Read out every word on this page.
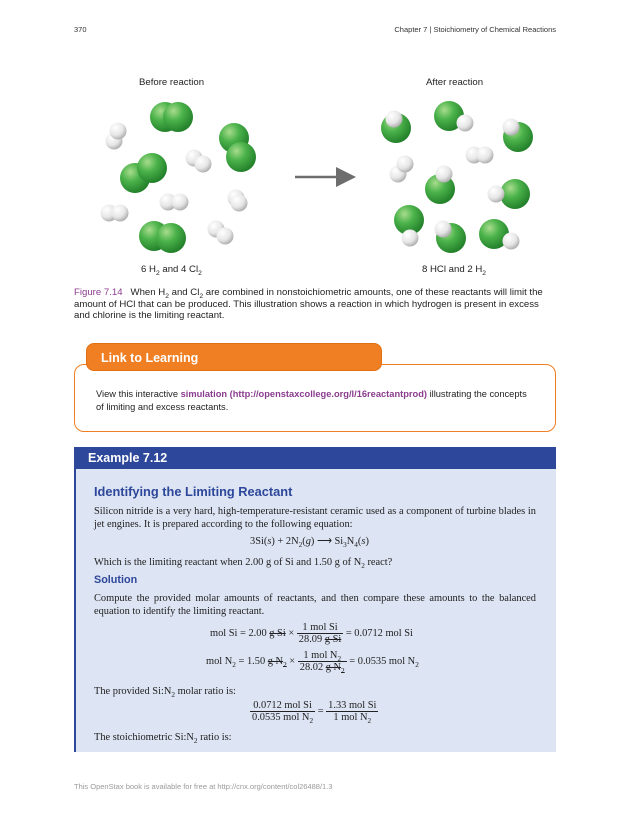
370	Chapter 7 | Stoichiometry of Chemical Reactions
Before reaction	After reaction
6 $H_2$ and 4 $Cl_2$	8 HCl and 2 $H_2$
Figure 7.14 When $H_2$ and $Cl_2$ are combined in nonstoichiometric amounts, one of these reactants will limit the amount of HCl that can be produced. This illustration shows a reaction in which hydrogen is present in excess and chlorine is the limiting reactant.
Link to Learning
View this interactive simulation (http://openstaxcollege.org/l/16reactantprod) illustrating the concepts of limiting and excess reactants.
Example 7.12
Identifying the Limiting Reactant
Silicon nitride is a very hard, high-temperature-resistant ceramic used as a component of turbine blades in jet engines. It is prepared according to the following equation:
$3Si(s) + 2N_2(g)$ ⟶ $Si_3N_4(s)$
Which is the limiting reactant when 2.00 g of Si and 1.50 g of $N_2$ react?
Solution
Compute the provided molar amounts of reactants, and then compare these amounts to the balanced equation to identify the limiting reactant.
mol Si = 2.00 g $Si \times \frac{\text{1 mol Si}}{\text{28.09 g Si}} = 0.0712$ mol Si
mol $N_2 = 1.50$ g $N_2 \times \frac{1 mol N_2}{28.02 g N_2} = 0.0535$ mol $N_2$
The provided $Si:N_2$ molar ratio is:
$\frac{\text{0.0712 mol Si}}{0.0535 mol N_2} = \frac{\text{1.33 mol Si}}{1 mol N_2}$
The stoichiometric $Si:N_2$ ratio is:
This OpenStax book is available for free at http://cnx.org/content/col26488/1.3
